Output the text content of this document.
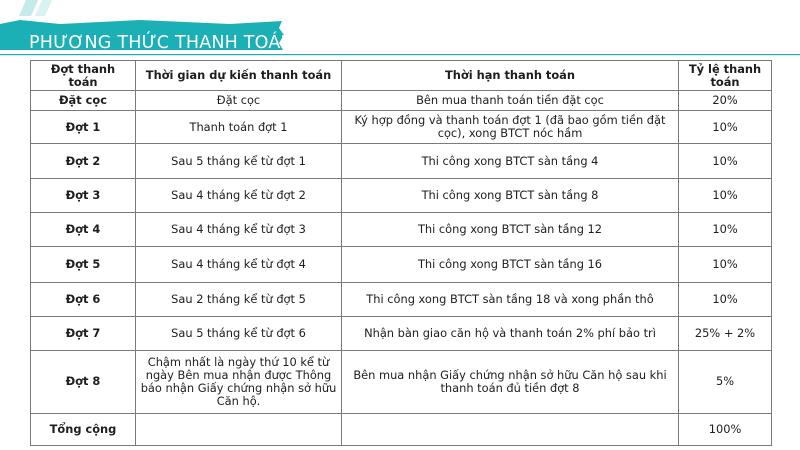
PHƯƠNG THỨC THANH TOÁN
Đợt thanh toán	Thời gian dự kiến thanh toán	Thời hạn thanh toán	Tỷ lệ thanh toán
Đặt cọc	Đặt cọc	Bên mua thanh toán tiền đặt cọc	20%
Đợt 1	Thanh toán đợt 1	Ký hợp đồng và thanh toán đợt 1 (đã bao gồm tiền đặt cọc), xong BTCT nóc hầm	10%
Đợt 2	Sau 5 tháng kể từ đợt 1	Thi công xong BTCT sàn tầng 4	10%
Đợt 3	Sau 4 tháng kể từ đợt 2	Thi công xong BTCT sàn tầng 8	10%
Đợt 4	Sau 4 tháng kể từ đợt 3	Thi công xong BTCT sàn tầng 12	10%
Đợt 5	Sau 4 tháng kể từ đợt 4	Thi công xong BTCT sàn tầng 16	10%
Đợt 6	Sau 2 tháng kể từ đợt 5	Thi công xong BTCT sàn tầng 18 và xong phần thô	10%
Đợt 7	Sau 5 tháng kể từ đợt 6	Nhận bàn giao căn hộ và thanh toán 2% phí bảo trì	25% + 2%
Đợt 8	Chậm nhất là ngày thứ 10 kể từ ngày Bên mua nhận được Thông báo nhận Giấy chứng nhận sở hữu Căn hộ.	Bên mua nhận Giấy chứng nhận sở hữu Căn hộ sau khi thanh toán đủ tiền đợt 8	5%
Tổng cộng			100%
